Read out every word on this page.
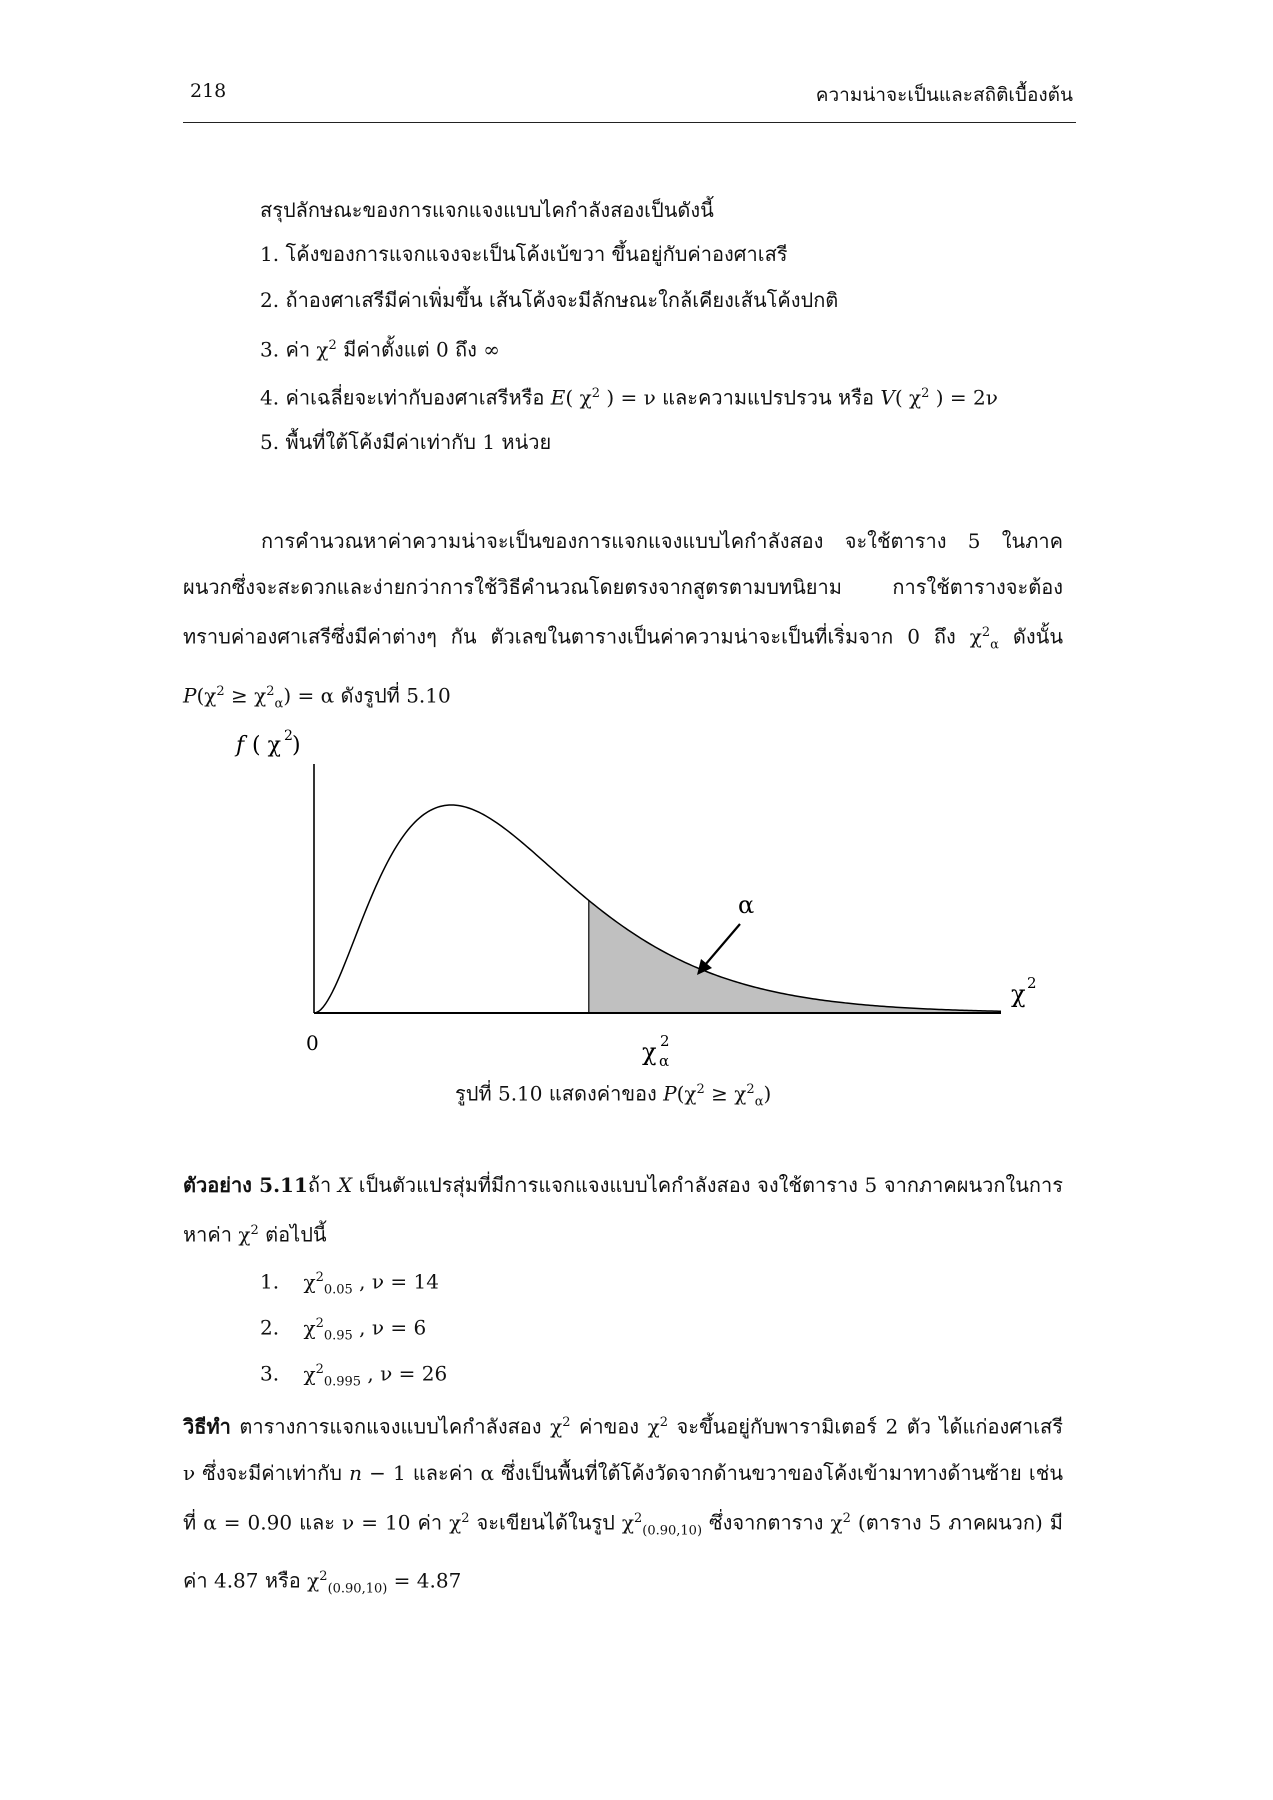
218	ความน่าจะเป็นและสถิติเบื้องต้น
สรุปลักษณะของการแจกแจงแบบไคกำลังสองเป็นดังนี้
1. โค้งของการแจกแจงจะเป็นโค้งเบ้ขวา ขึ้นอยู่กับค่าองศาเสรี
2. ถ้าองศาเสรีมีค่าเพิ่มขึ้น เส้นโค้งจะมีลักษณะใกล้เคียงเส้นโค้งปกติ
3. ค่า $\chi^2$ มีค่าตั้งแต่ 0 ถึง ∞
4. ค่าเฉลี่ยจะเท่ากับองศาเสรีหรือ E( $\chi^2$ ) = ν และความแปรปรวน หรือ V( $\chi^2$ ) = 2ν
5. พื้นที่ใต้โค้งมีค่าเท่ากับ 1 หน่วย
การคำนวณหาค่าความน่าจะเป็นของการแจกแจงแบบไคกำลังสอง จะใช้ตาราง 5 ในภาคผนวกซึ่งจะสะดวกและง่ายกว่าการใช้วิธีคำนวณโดยตรงจากสูตรตามบทนิยาม การใช้ตารางจะต้องทราบค่าองศาเสรีซึ่งมีค่าต่างๆ กัน ตัวเลขในตารางเป็นค่าความน่าจะเป็นที่เริ่มจาก 0 ถึง $\chi^2_\alpha$ ดังนั้น $P(\chi^2 \ge \chi^2_\alpha) = \alpha$ ดังรูปที่ 5.10
f ( χ 2 )
α
χ 2
0	χ 2
α
รูปที่ 5.10 แสดงค่าของ $P(\chi^2 \ge \chi^2_\alpha)$
ตัวอย่าง 5.11ถ้า X เป็นตัวแปรสุ่มที่มีการแจกแจงแบบไคกำลังสอง จงใช้ตาราง 5 จากภาคผนวกในการหาค่า $\chi^2$ ต่อไปนี้
1. $\chi^2_{0.05}$ , ν = 14
2. $\chi^2_{0.95}$ , ν = 6
3. $\chi^2_{0.995}$ , ν = 26
วิธีทำ ตารางการแจกแจงแบบไคกำลังสอง $\chi^2$ ค่าของ $\chi^2$ จะขึ้นอยู่กับพารามิเตอร์ 2 ตัว ได้แก่องศาเสรี ν ซึ่งจะมีค่าเท่ากับ n − 1 และค่า α ซึ่งเป็นพื้นที่ใต้โค้งวัดจากด้านขวาของโค้งเข้ามาทางด้านซ้าย เช่น ที่ α = 0.90 และ ν = 10 ค่า $\chi^2$ จะเขียนได้ในรูป $\chi^2_{(0.90,10)}$ ซึ่งจากตาราง $\chi^2$ (ตาราง 5 ภาคผนวก) มีค่า 4.87 หรือ $\chi^2_{(0.90,10)} = 4.87$
